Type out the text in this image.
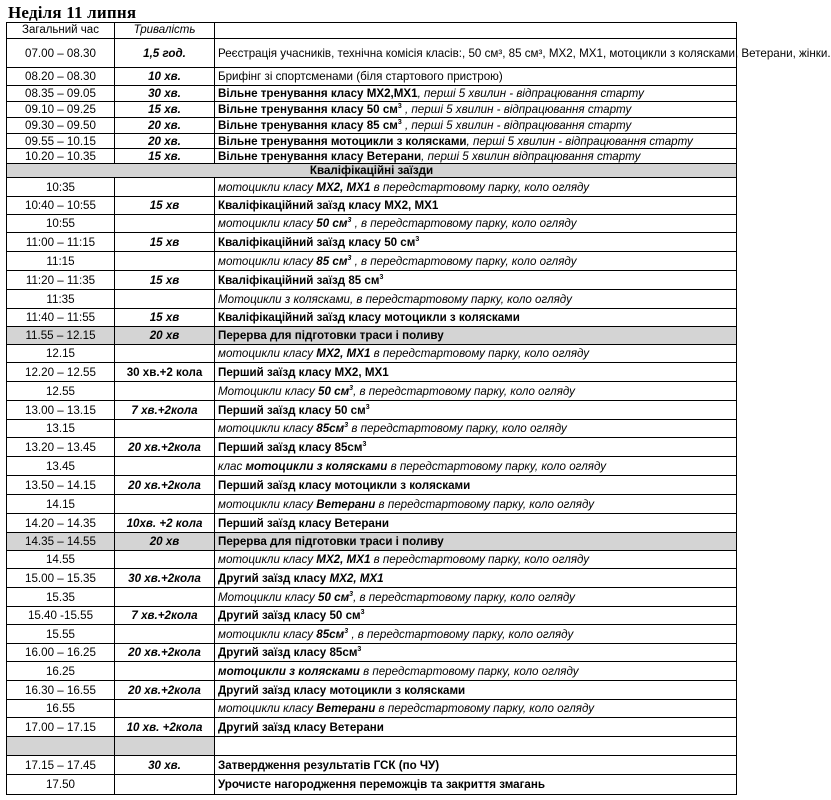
Неділя 11 липня
Загальний час	Тривалість	
07.00 – 08.30	1,5 год.	Реєстрація учасників, технічна комісія класів:, 50 см³, 85 см³, МХ2, МХ1, мотоцикли з колясками, Ветерани, жінки.
08.20 – 08.30	10 хв.	Брифінг зі спортсменами (біля стартового пристрою)
08.35 – 09.05	30 хв.	Вільне тренування класу МХ2,МХ1, перші 5 хвилин - відпрацювання старту
09.10 – 09.25	15 хв.	Вільне тренування класу 50 $см^3$ , перші 5 хвилин - відпрацювання старту
09.30 – 09.50	20 хв.	Вільне тренування класу 85 $см^3$ , перші 5 хвилин - відпрацювання старту
09.55 – 10.15	20 хв.	Вільне тренування мотоцикли з колясками, перші 5 хвилин - відпрацювання старту
10.20 – 10.35	15 хв.	Вільне тренування класу Ветерани, перші 5 хвилин відпрацювання старту
Кваліфікаційні заїзди		
10:35		мотоцикли класу МХ2, МХ1 в передстартовому парку, коло огляду
10:40 – 10:55	15 хв	Кваліфікаційний заїзд класу МХ2, МХ1
10:55		мотоцикли класу 50 $см^3$ , в передстартовому парку, коло огляду
11:00 – 11:15	15 хв	Кваліфікаційний заїзд класу 50 $см^3$
11:15		мотоцикли класу 85 $см^3$ , в передстартовому парку, коло огляду
11:20 – 11:35	15 хв	Кваліфікаційний заїзд 85 $см^3$
11:35		Мотоцикли з колясками, в передстартовому парку, коло огляду
11:40 – 11:55	15 хв	Кваліфікаційний заїзд класу мотоцикли з колясками
11.55 – 12.15	20 хв	Перерва для підготовки траси і поливу
12.15		мотоцикли класу МХ2, МХ1 в передстартовому парку, коло огляду
12.20 – 12.55	30 хв.+2 кола	Перший заїзд класу МХ2, МХ1
12.55		Мотоцикли класу 50 $см^3$, в передстартовому парку, коло огляду
13.00 – 13.15	7 хв.+2кола	Перший заїзд класу 50 $см^3$
13.15		мотоцикли класу $85см^3$ в передстартовому парку, коло огляду
13.20 – 13.45	20 хв.+2кола	Перший заїзд класу $85см^3$
13.45		клас мотоцикли з колясками в передстартовому парку, коло огляду
13.50 – 14.15	20 хв.+2кола	Перший заїзд класу мотоцикли з колясками
14.15		мотоцикли класу Ветерани в передстартовому парку, коло огляду
14.20 – 14.35	10хв. +2 кола	Перший заїзд класу Ветерани
14.35 – 14.55	20 хв	Перерва для підготовки траси і поливу
14.55		мотоцикли класу МХ2, МХ1 в передстартовому парку, коло огляду
15.00 – 15.35	30 хв.+2кола	Другий заїзд класу МХ2, МХ1
15.35		Мотоцикли класу 50 $см^3$, в передстартовому парку, коло огляду
15.40 -15.55	7 хв.+2кола	Другий заїзд класу 50 $см^3$
15.55		мотоцикли класу $85см^3$ , в передстартовому парку, коло огляду
16.00 – 16.25	20 хв.+2кола	Другий заїзд класу $85см^3$
16.25		мотоцикли з колясками в передстартовому парку, коло огляду
16.30 – 16.55	20 хв.+2кола	Другий заїзд класу мотоцикли з колясками
16.55		мотоцикли класу Ветерани в передстартовому парку, коло огляду
17.00 – 17.15	10 хв. +2кола	Другий заїзд класу Ветерани

17.15 – 17.45	30 хв.	Затвердження результатів ГСК (по ЧУ)
17.50		Урочисте нагородження переможців та закриття змагань
